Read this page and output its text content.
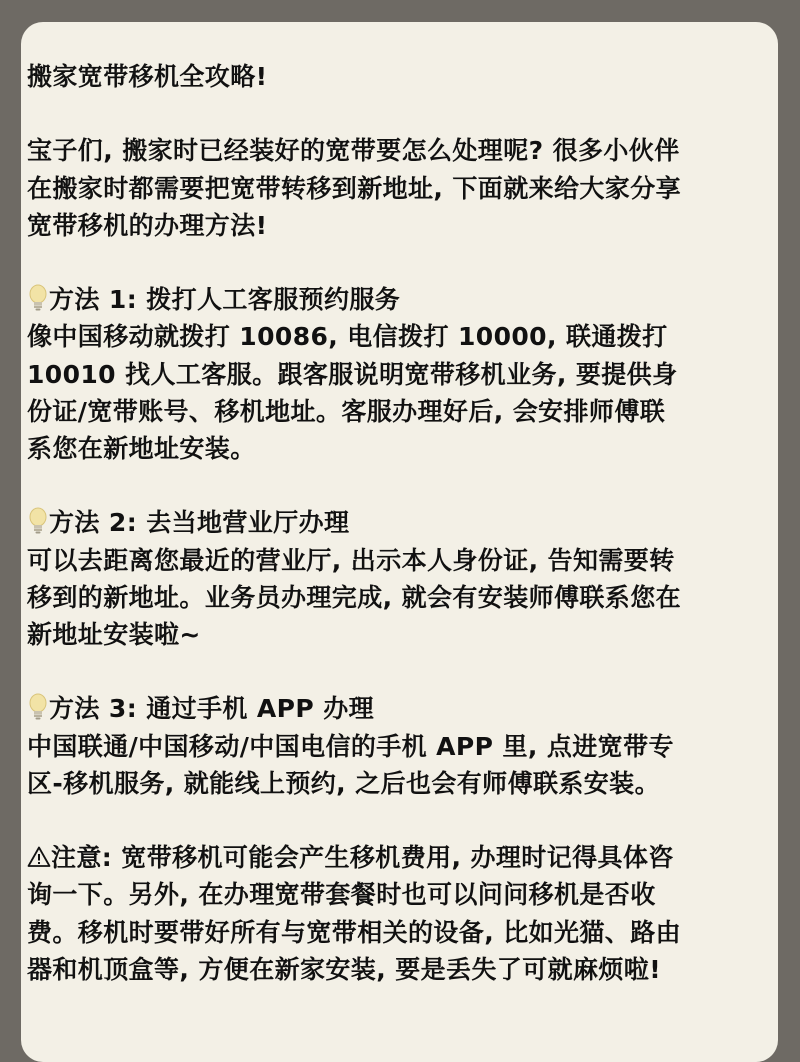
搬家宽带移机全攻略!
宝子们, 搬家时已经装好的宽带要怎么处理呢? 很多小伙伴
在搬家时都需要把宽带转移到新地址, 下面就来给大家分享
宽带移机的办理方法!
方法 1: 拨打人工客服预约服务
像中国移动就拨打 10086, 电信拨打 10000, 联通拨打
10010 找人工客服。跟客服说明宽带移机业务, 要提供身
份证/宽带账号、移机地址。客服办理好后, 会安排师傅联
系您在新地址安装。
方法 2: 去当地营业厅办理
可以去距离您最近的营业厅, 出示本人身份证, 告知需要转
移到的新地址。业务员办理完成, 就会有安装师傅联系您在
新地址安装啦~
方法 3: 通过手机 APP 办理
中国联通/中国移动/中国电信的手机 APP 里, 点进宽带专
区-移机服务, 就能线上预约, 之后也会有师傅联系安装。
注意: 宽带移机可能会产生移机费用, 办理时记得具体咨
询一下。另外, 在办理宽带套餐时也可以问问移机是否收
费。移机时要带好所有与宽带相关的设备, 比如光猫、路由
器和机顶盒等, 方便在新家安装, 要是丢失了可就麻烦啦!
